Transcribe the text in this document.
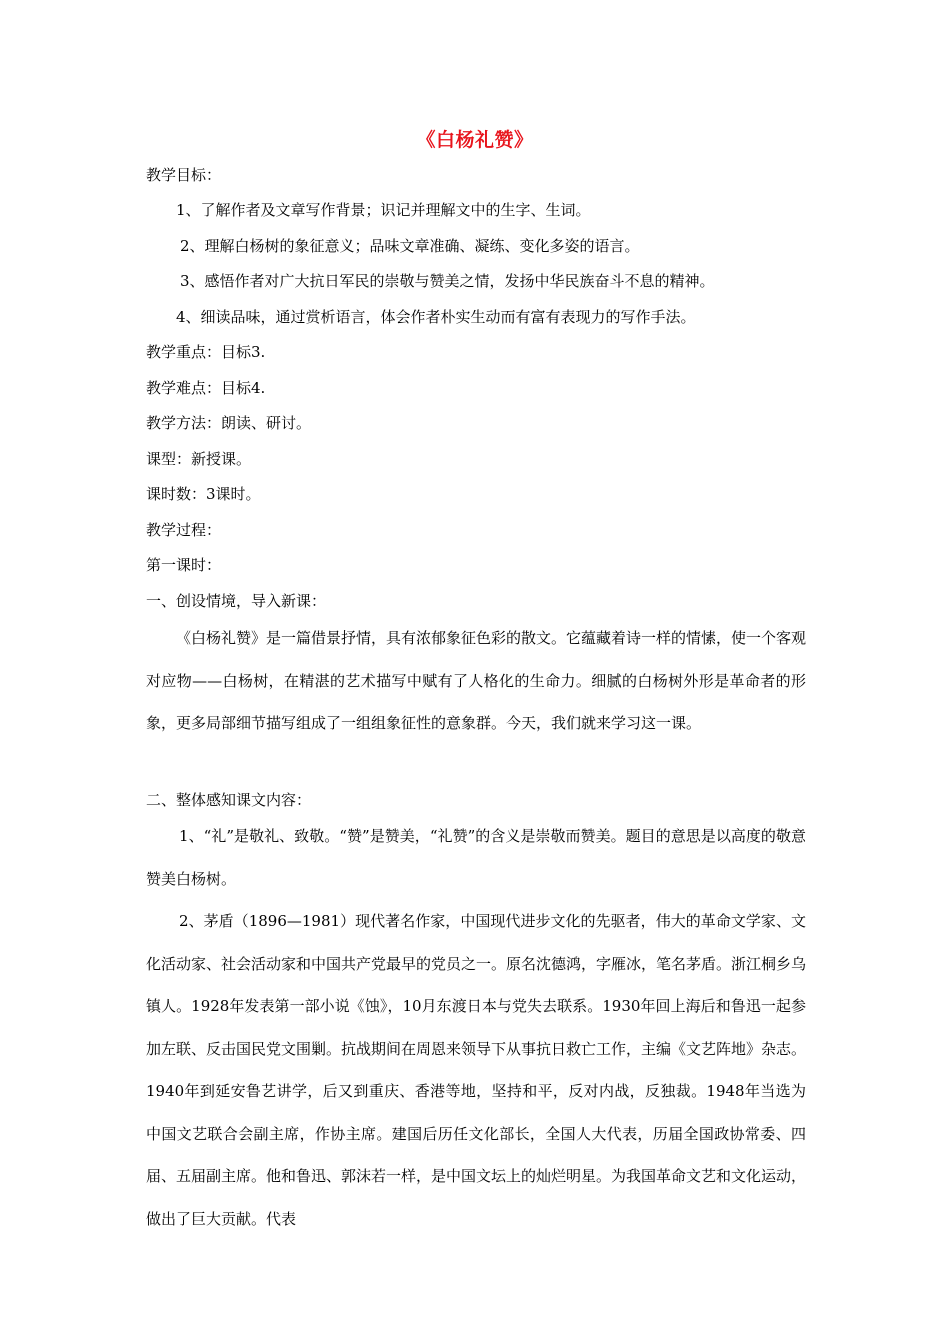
《白杨礼赞》
教学目标：
1、了解作者及文章写作背景；识记并理解文中的生字、生词。
2、理解白杨树的象征意义；品味文章准确、凝练、变化多姿的语言。
3、感悟作者对广大抗日军民的崇敬与赞美之情，发扬中华民族奋斗不息的精神。
4、细读品味，通过赏析语言，体会作者朴实生动而有富有表现力的写作手法。
教学重点：目标3.
教学难点：目标4.
教学方法：朗读、研讨。
课型：新授课。
课时数：3课时。
教学过程：
第一课时：
一、创设情境，导入新课：
《白杨礼赞》是一篇借景抒情，具有浓郁象征色彩的散文。它蕴藏着诗一样的情愫，使一个客观对应物——白杨树，在精湛的艺术描写中赋有了人格化的生命力。细腻的白杨树外形是革命者的形象，更多局部细节描写组成了一组组象征性的意象群。今天，我们就来学习这一课。
二、整体感知课文内容：
1、“礼”是敬礼、致敬。“赞”是赞美，“礼赞”的含义是崇敬而赞美。题目的意思是以高度的敬意赞美白杨树。
2、茅盾（1896—1981）现代著名作家，中国现代进步文化的先驱者，伟大的革命文学家、文化活动家、社会活动家和中国共产党最早的党员之一。原名沈德鸿，字雁冰，笔名茅盾。浙江桐乡乌镇人。1928年发表第一部小说《蚀》，10月东渡日本与党失去联系。1930年回上海后和鲁迅一起参加左联、反击国民党文围剿。抗战期间在周恩来领导下从事抗日救亡工作，主编《文艺阵地》杂志。1940年到延安鲁艺讲学，后又到重庆、香港等地，坚持和平，反对内战，反独裁。1948年当选为中国文艺联合会副主席，作协主席。建国后历任文化部长，全国人大代表，历届全国政协常委、四届、五届副主席。他和鲁迅、郭沫若一样，是中国文坛上的灿烂明星。为我国革命文艺和文化运动，做出了巨大贡献。代表
